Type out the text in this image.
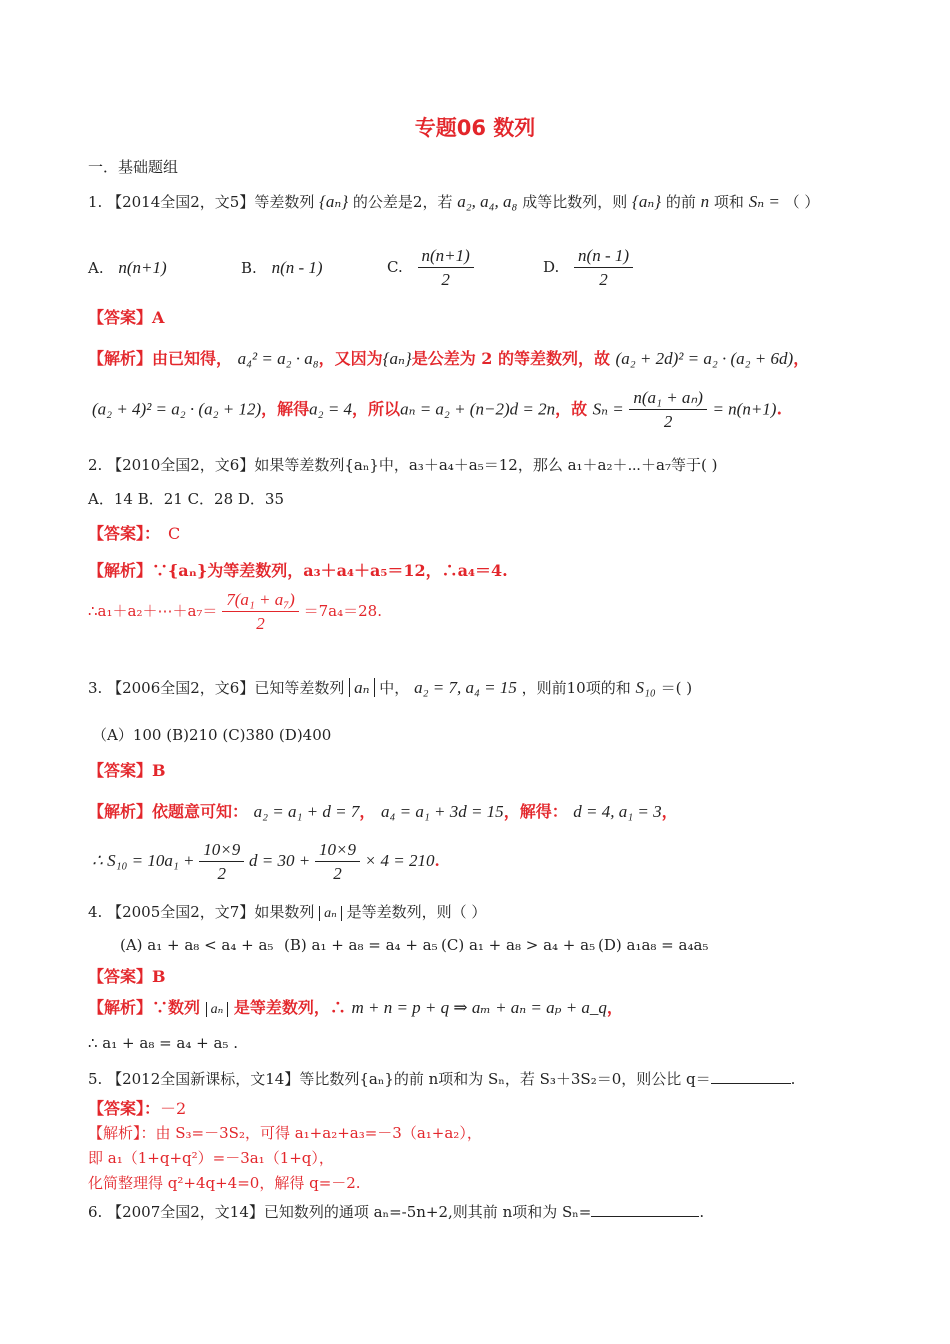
专题06 数列
一．基础题组
1. 【2014全国2，文5】等差数列 {aₙ} 的公差是2，若 a₂, a₄, a₈ 成等比数列，则 {aₙ} 的前 n 项和 Sₙ = （ ）
A. n(n+1)	B. n(n - 1)	C. $\frac{n(n+1)}{2}$	D. $\frac{n(n - 1)}{2}$
【答案】A
【解析】由已知得， a₄² = a₂ · a₈，又因为{aₙ}是公差为 2 的等差数列，故 (a₂ + 2d)² = a₂ · (a₂ + 6d)，
(a₂ + 4)² = a₂ · (a₂ + 12)，解得a₂ = 4，所以aₙ = a₂ + (n−2)d = 2n，故 $S_n = \frac{\text{n(a₁ + aₙ)}}{2} = n(n+1)$.
2. 【2010全国2，文6】如果等差数列{aₙ}中，a₃＋a₄＋a₅＝12，那么 a₁＋a₂＋⋯＋a₇等于( )
A．14 B．21 C．28 D．35
【答案】： C
【解析】∵{aₙ}为等差数列，a₃＋a₄＋a₅＝12，∴a₄＝4.
∴a₁＋a₂＋⋯＋a₇＝ $\frac{\text{7(a₁ + a₇)}}{2} =7a_4=28$.
3. 【2006全国2，文6】已知等差数列 aₙ 中， a₂ = 7, a₄ = 15 ，则前10项的和 S₁₀ ＝( )
（A）100 (B)210 (C)380 (D)400
【答案】B
【解析】依题意可知： a₂ = a₁ + d = 7， a₄ = a₁ + 3d = 15，解得： d = 4, a₁ = 3，
∴ $S_{10} = 10a_1 + \frac{10\times 9}{2}$ $d = 30 + \frac{10\times 9}{2} \times 4 = 210$.
4. 【2005全国2，文7】如果数列 aₙ 是等差数列，则（ ）
(A) a₁ + a₈ < a₄ + a₅ (B) a₁ + a₈ = a₄ + a₅ (C) a₁ + a₈ > a₄ + a₅ (D) a₁a₈ = a₄a₅
【答案】B
【解析】∵数列 aₙ 是等差数列，∴ m + n = p + q ⇒ aₘ + aₙ = aₚ + a_q，
∴ a₁ + a₈ = a₄ + a₅ .
5. 【2012全国新课标，文14】等比数列{aₙ}的前 n项和为 Sₙ，若 S₃＋3S₂＝0，则公比 q＝	.
【答案】：－2
【解析】：由 S₃=－3S₂，可得 a₁+a₂+a₃=－3（a₁+a₂），
即 a₁（1+q+q²）=－3a₁（1+q），
化简整理得 q²+4q+4=0，解得 q=－2.
6. 【2007全国2，文14】已知数列的通项 aₙ=-5n+2,则其前 n项和为 Sₙ=	.
